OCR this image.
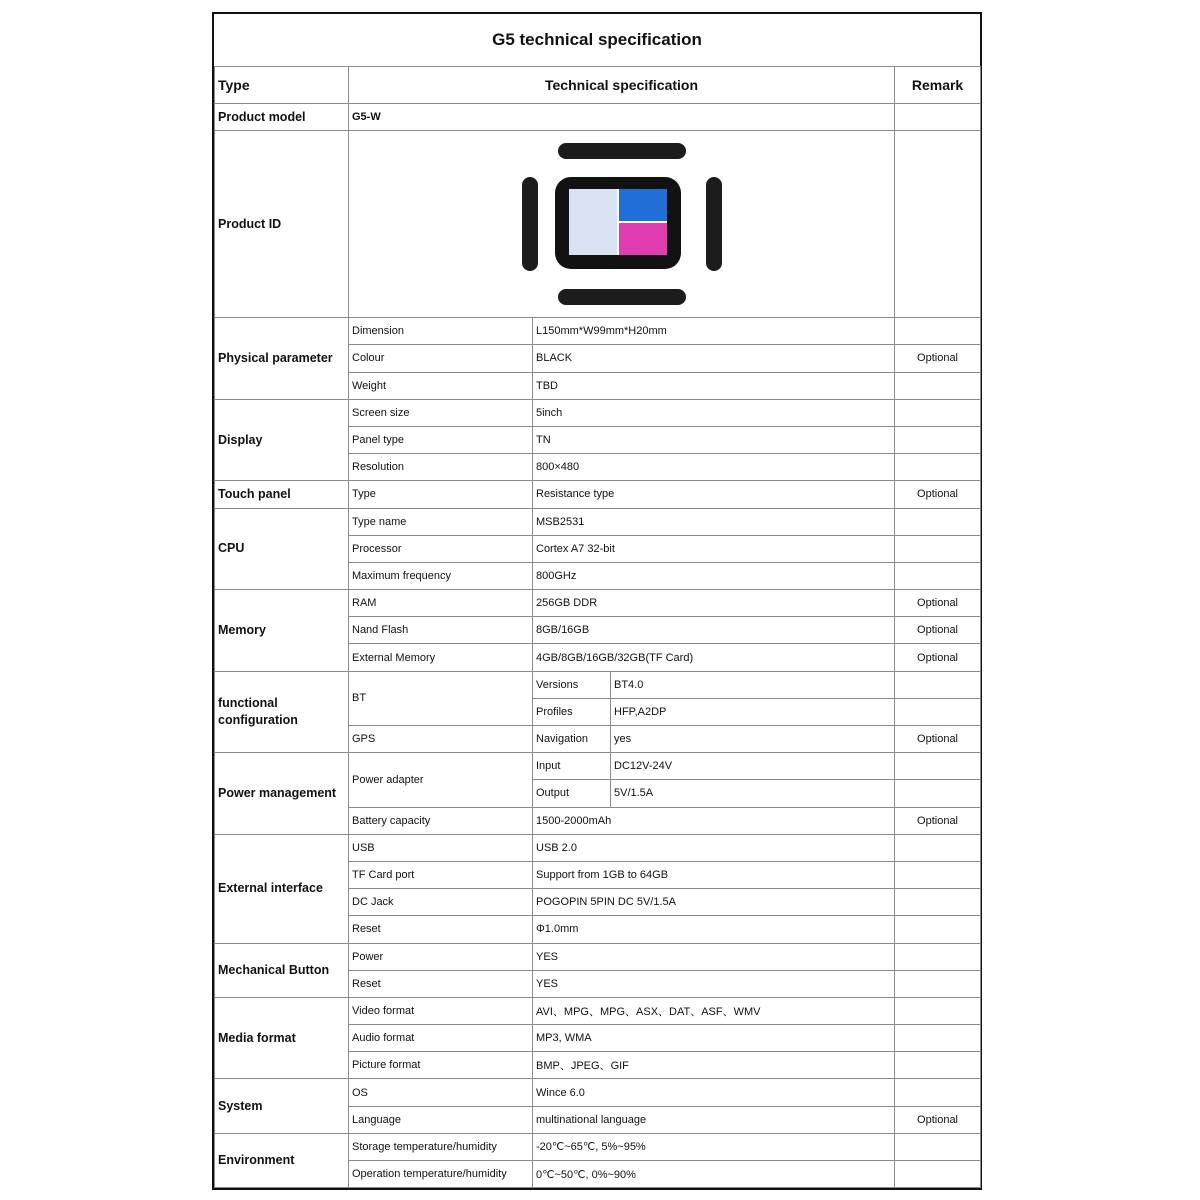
G5 technical specification
Type	Technical specification			Remark
Product model	G5-W			
Product ID			

Physical parameter	Dimension	L150mm*W99mm*H20mm		
	Colour	BLACK		Optional
	Weight	TBD		
Display	Screen size	5inch		
	Panel type	TN		
	Resolution	800×480		
Touch panel	Type	Resistance type		Optional
CPU	Type name	MSB2531		
	Processor	Cortex A7 32-bit		
	Maximum frequency	800GHz		
Memory	RAM	256GB DDR		Optional
	Nand Flash	8GB/16GB		Optional
	External Memory	4GB/8GB/16GB/32GB(TF Card)		Optional
functional configuration	BT	Versions	BT4.0	
		Profiles	HFP,A2DP	
	GPS	Navigation	yes	Optional
Power management	Power adapter	Input	DC12V-24V	
		Output	5V/1.5A	
	Battery capacity	1500-2000mAh		Optional
External interface	USB	USB 2.0		
	TF Card port	Support from 1GB to 64GB		
	DC Jack	POGOPIN 5PIN DC 5V/1.5A		
	Reset	Φ1.0mm		
Mechanical Button	Power	YES		
	Reset	YES		
Media format	Video format	AVI、MPG、MPG、ASX、DAT、ASF、WMV		
	Audio format	MP3, WMA		
	Picture format	BMP、JPEG、GIF		
System	OS	Wince 6.0		
	Language	multinational language		Optional
Environment	Storage temperature/humidity	-20℃~65℃, 5%~95%		
	Operation temperature/humidity	0℃~50℃, 0%~90%		
